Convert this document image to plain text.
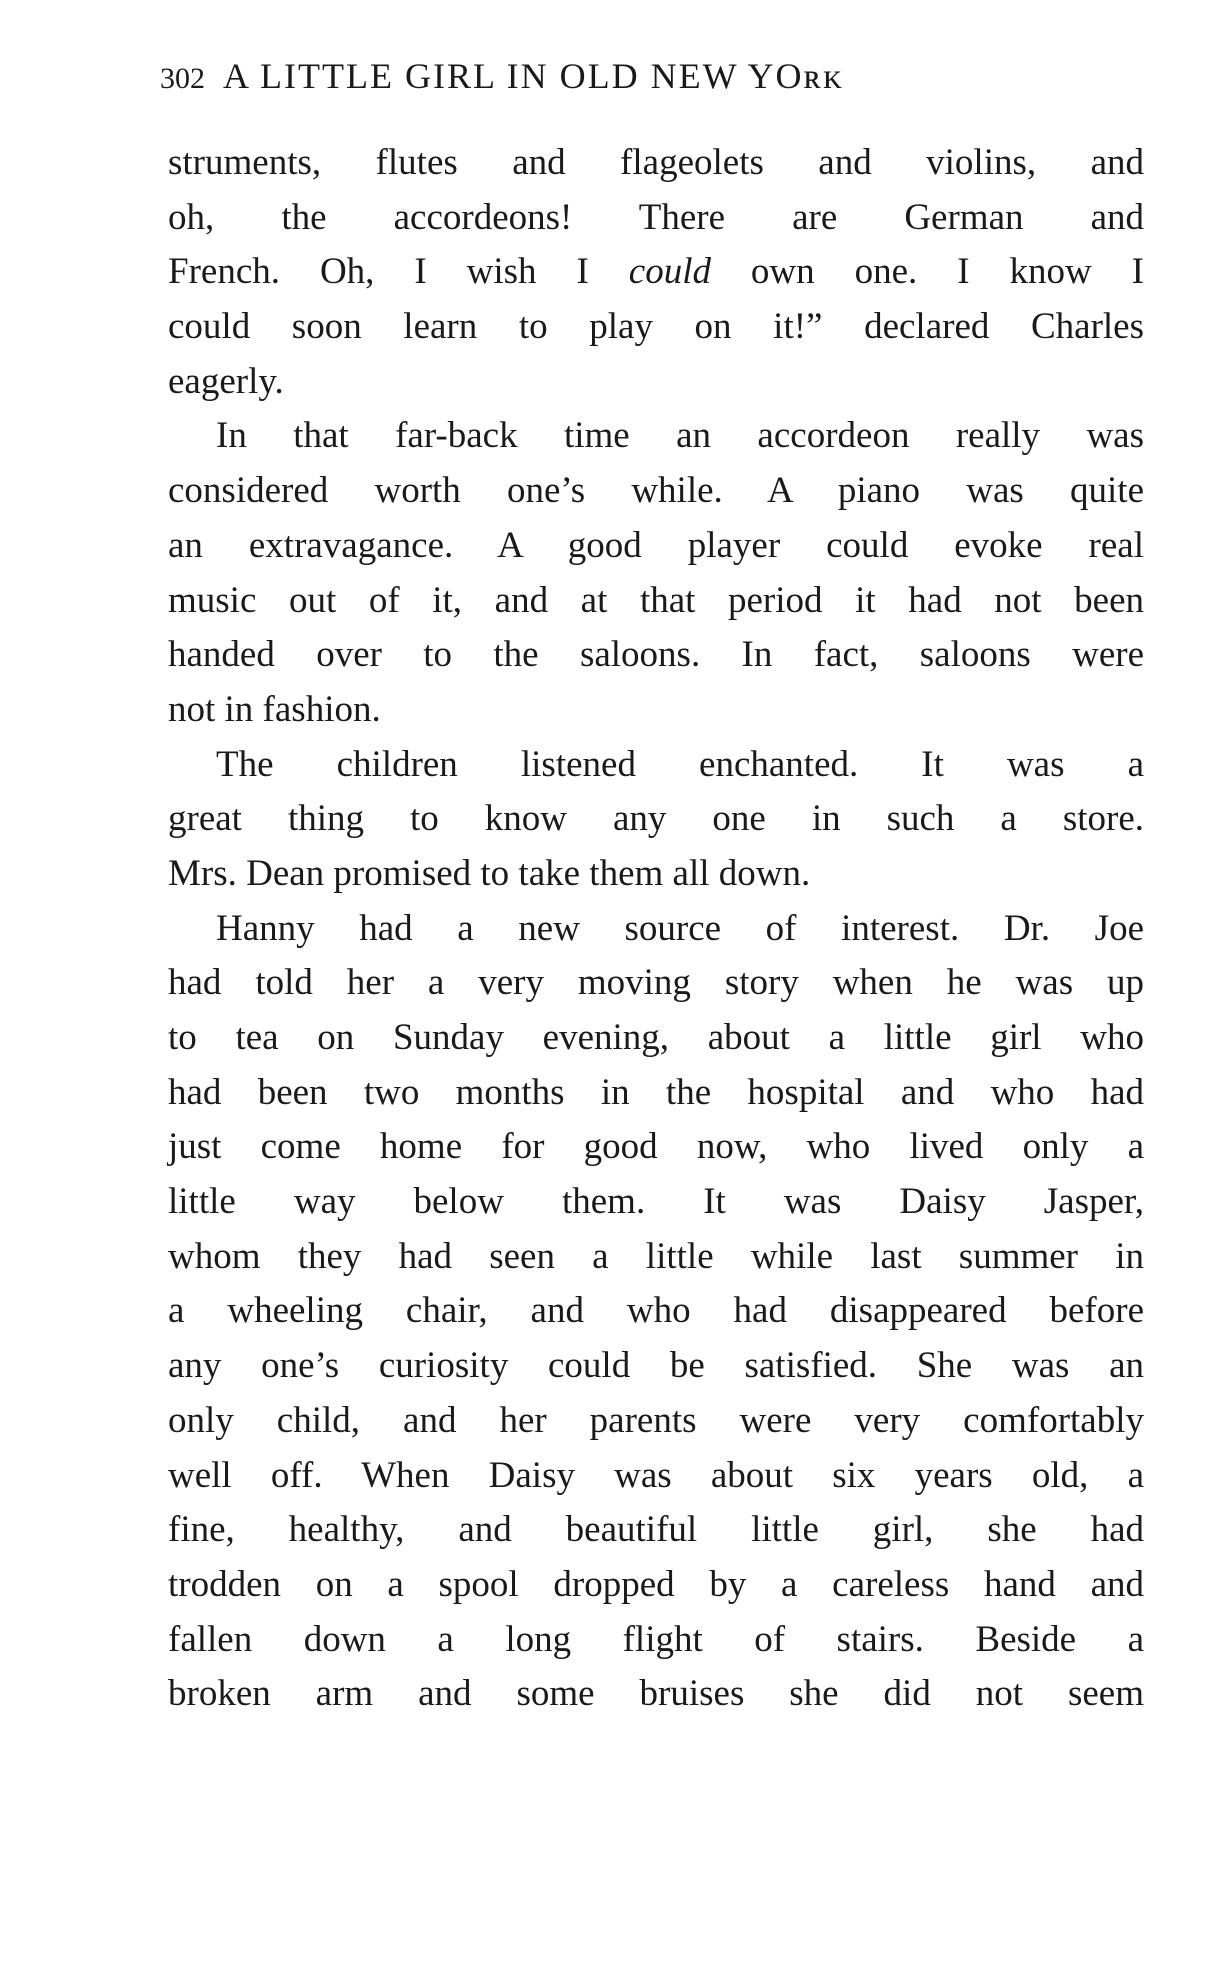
302 A LITTLE GIRL IN OLD NEW YOʀᴋ
struments, flutes and flageolets and violins, and
oh, the accordeons! There are German and
French. Oh, I wish I could own one. I know I
could soon learn to play on it!” declared Charles
eagerly.
In that far-back time an accordeon really was
considered worth one’s while. A piano was quite
an extravagance. A good player could evoke real
music out of it, and at that period it had not been
handed over to the saloons. In fact, saloons were
not in fashion.
The children listened enchanted. It was a
great thing to know any one in such a store.
Mrs. Dean promised to take them all down.
Hanny had a new source of interest. Dr. Joe
had told her a very moving story when he was up
to tea on Sunday evening, about a little girl who
had been two months in the hospital and who had
just come home for good now, who lived only a
little way below them. It was Daisy Jasper,
whom they had seen a little while last summer in
a wheeling chair, and who had disappeared before
any one’s curiosity could be satisfied. She was an
only child, and her parents were very comfortably
well off. When Daisy was about six years old, a
fine, healthy, and beautiful little girl, she had
trodden on a spool dropped by a careless hand and
fallen down a long flight of stairs. Beside a
broken arm and some bruises she did not seem
